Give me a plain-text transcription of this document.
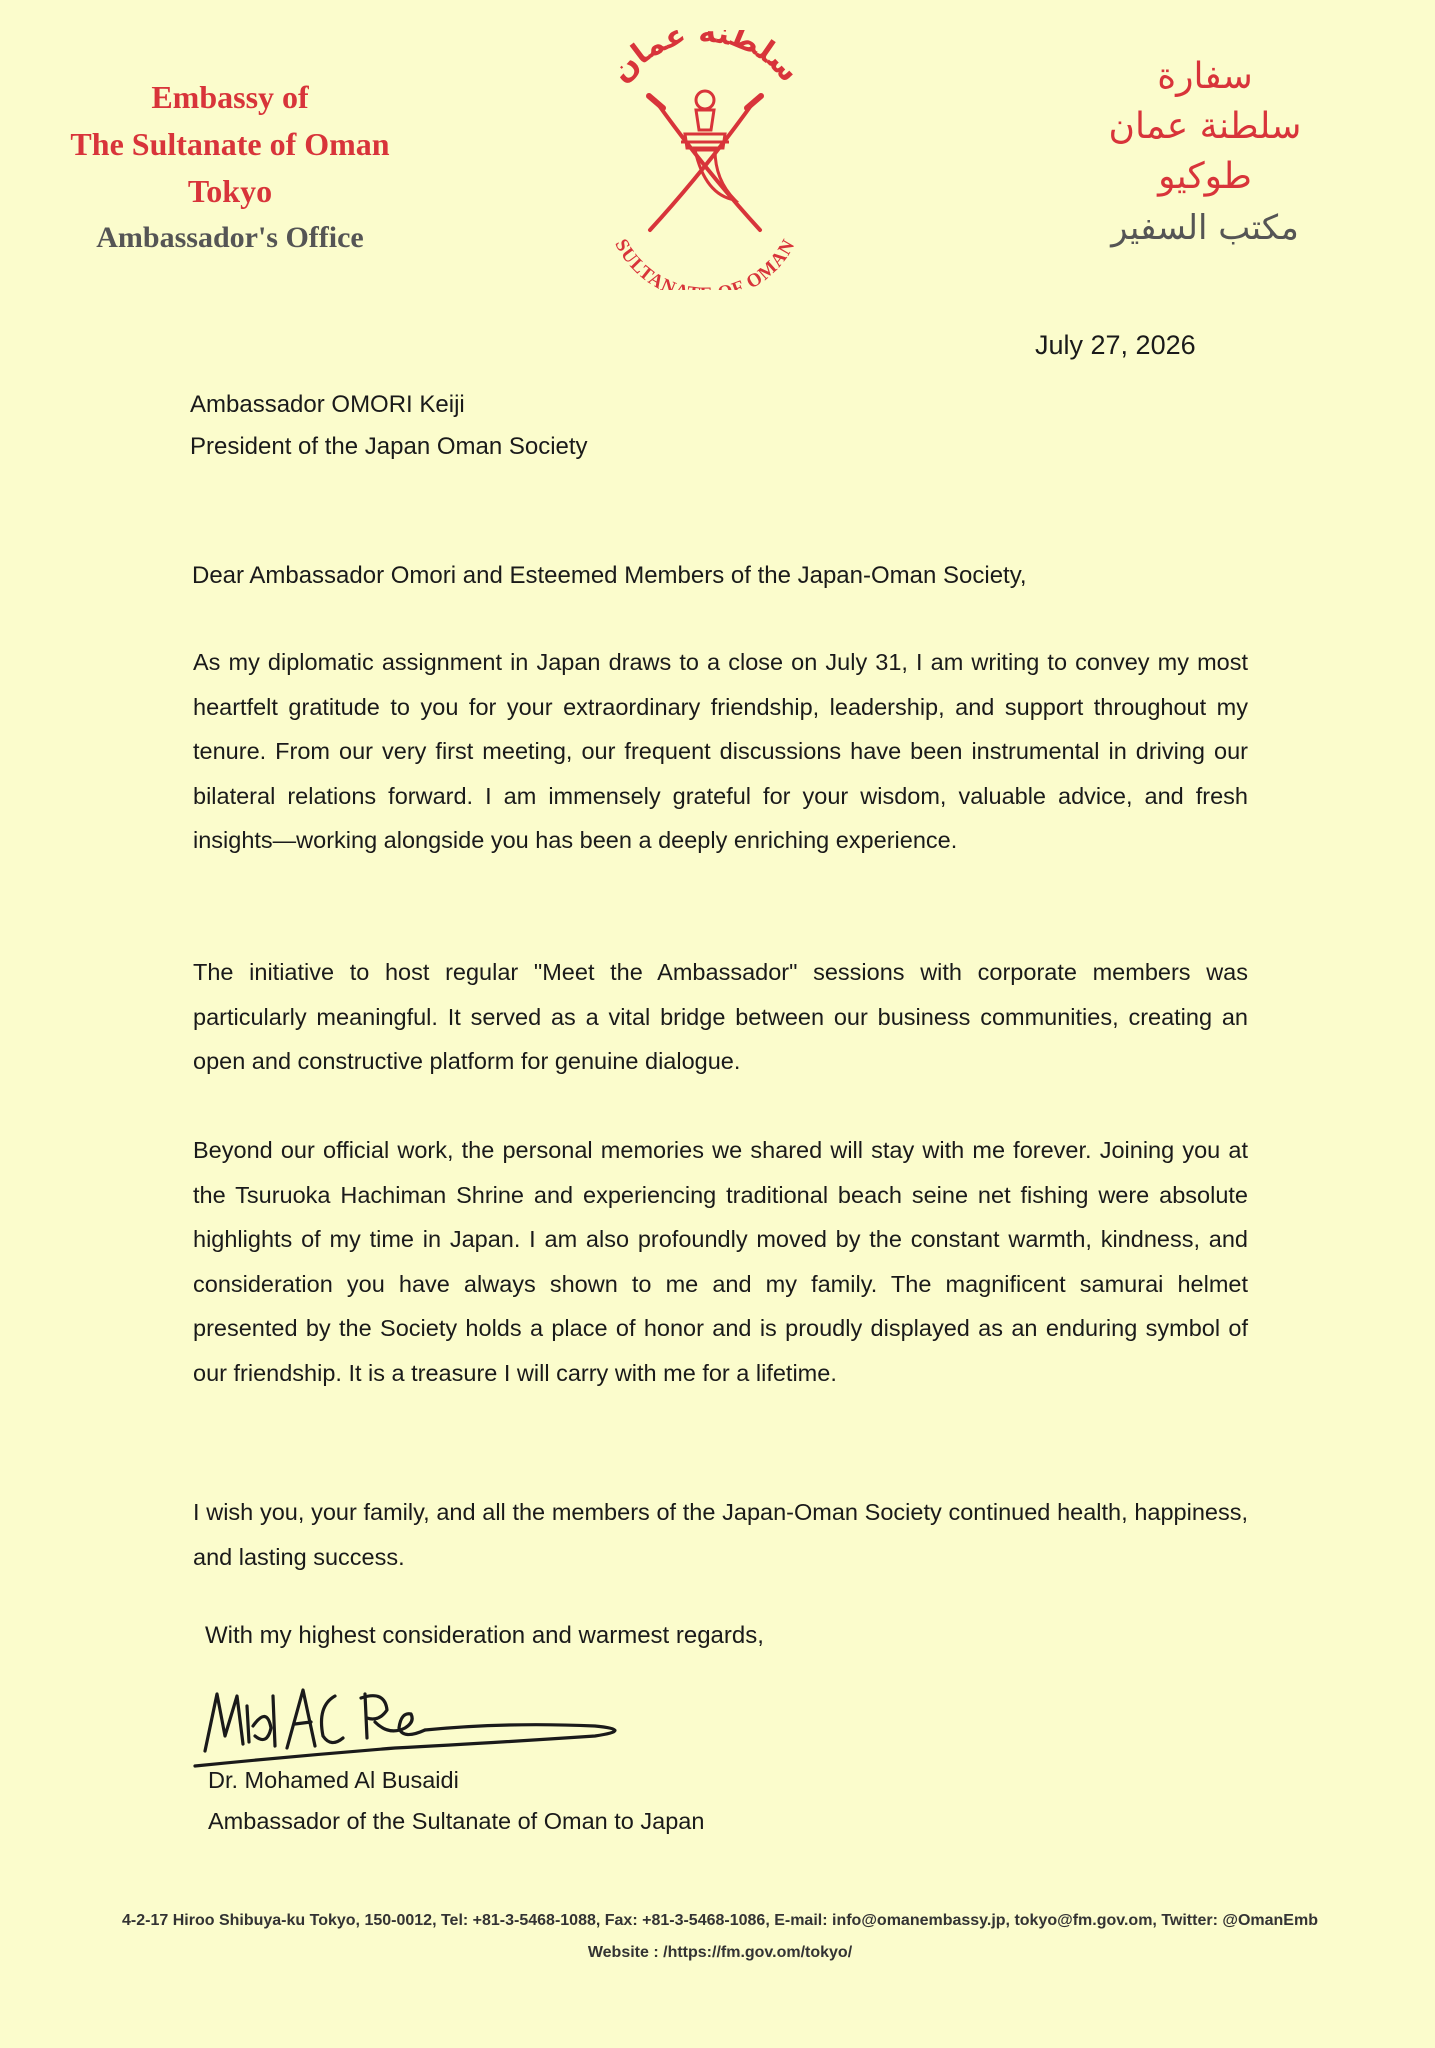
Embassy of
The Sultanate of Oman
Tokyo
Ambassador's Office
سلطنة عمان
SULTAN F OMAN
سفارة
سلطنة عمان
طوكيو
مكتب السفير
July 27, 2026
Ambassador OMORI Keiji
President of the Japan Oman Society
Dear Ambassador Omori and Esteemed Members of the Japan-Oman Society,
As my diplomatic assignment in Japan draws to a close on July 31, I am writing to convey my most heartfelt gratitude to you for your extraordinary friendship, leadership, and support throughout my tenure. From our very first meeting, our frequent discussions have been instrumental in driving our bilateral relations forward. I am immensely grateful for your wisdom, valuable advice, and fresh insights—working alongside you has been a deeply enriching experience.
The initiative to host regular "Meet the Ambassador" sessions with corporate members was particularly meaningful. It served as a vital bridge between our business communities, creating an open and constructive platform for genuine dialogue.
Beyond our official work, the personal memories we shared will stay with me forever. Joining you at the Tsuruoka Hachiman Shrine and experiencing traditional beach seine net fishing were absolute highlights of my time in Japan. I am also profoundly moved by the constant warmth, kindness, and consideration you have always shown to me and my family. The magnificent samurai helmet presented by the Society holds a place of honor and is proudly displayed as an enduring symbol of our friendship. It is a treasure I will carry with me for a lifetime.
I wish you, your family, and all the members of the Japan-Oman Society continued health, happiness, and lasting success.
With my highest consideration and warmest regards,
Dr. Mohamed Al Busaidi
Ambassador of the Sultanate of Oman to Japan
4-2-17 Hiroo Shibuya-ku Tokyo, 150-0012, Tel: +81-3-5468-1088, Fax: +81-3-5468-1086, E-mail: info@omanembassy.jp, tokyo@fm.gov.om, Twitter: @OmanEmb
Website : /https://fm.gov.om/tokyo/
